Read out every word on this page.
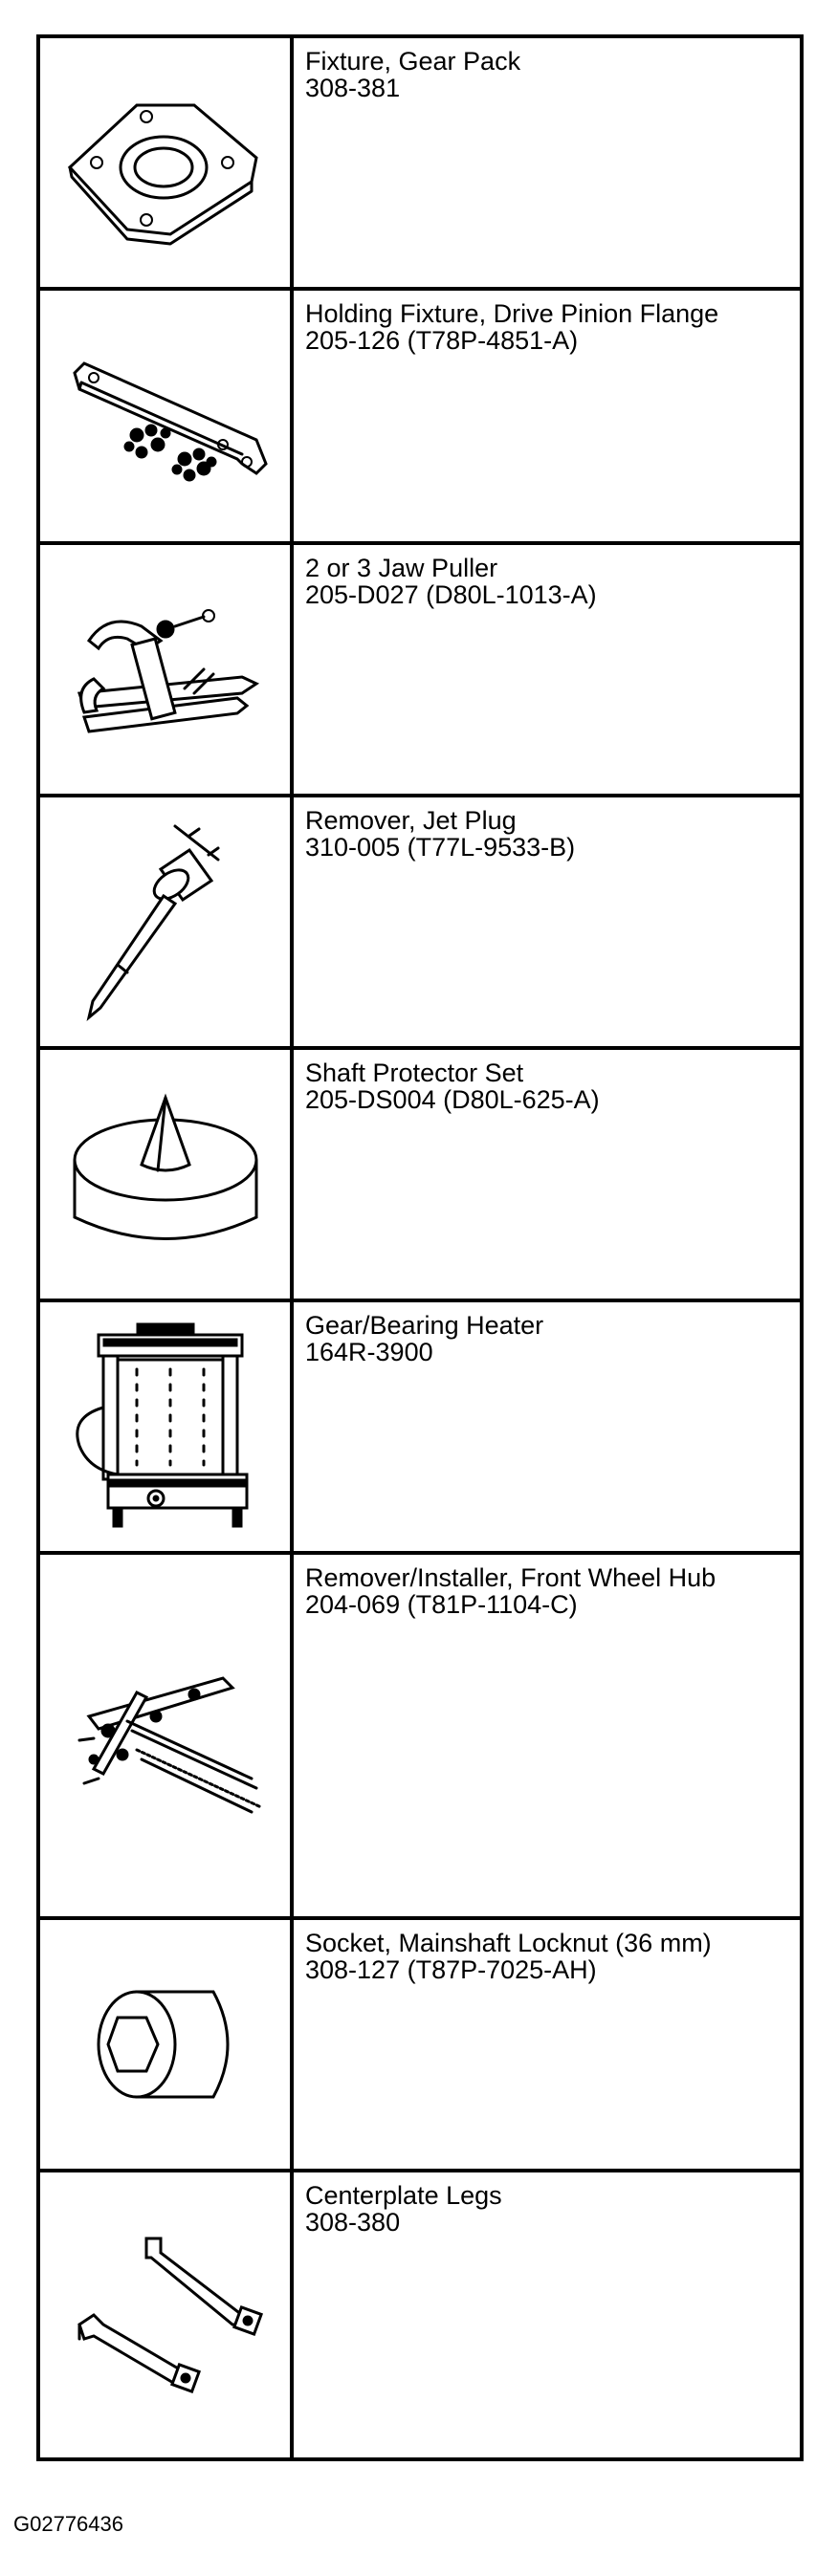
Fixture, Gear Pack
308-381
Holding Fixture, Drive Pinion Flange
205-126 (T78P-4851-A)
2 or 3 Jaw Puller
205-D027 (D80L-1013-A)
Remover, Jet Plug
310-005 (T77L-9533-B)
Shaft Protector Set
205-DS004 (D80L-625-A)
Gear/Bearing Heater
164R-3900
Remover/Installer, Front Wheel Hub
204-069 (T81P-1104-C)
Socket, Mainshaft Locknut (36 mm)
308-127 (T87P-7025-AH)
Centerplate Legs
308-380
G02776436
